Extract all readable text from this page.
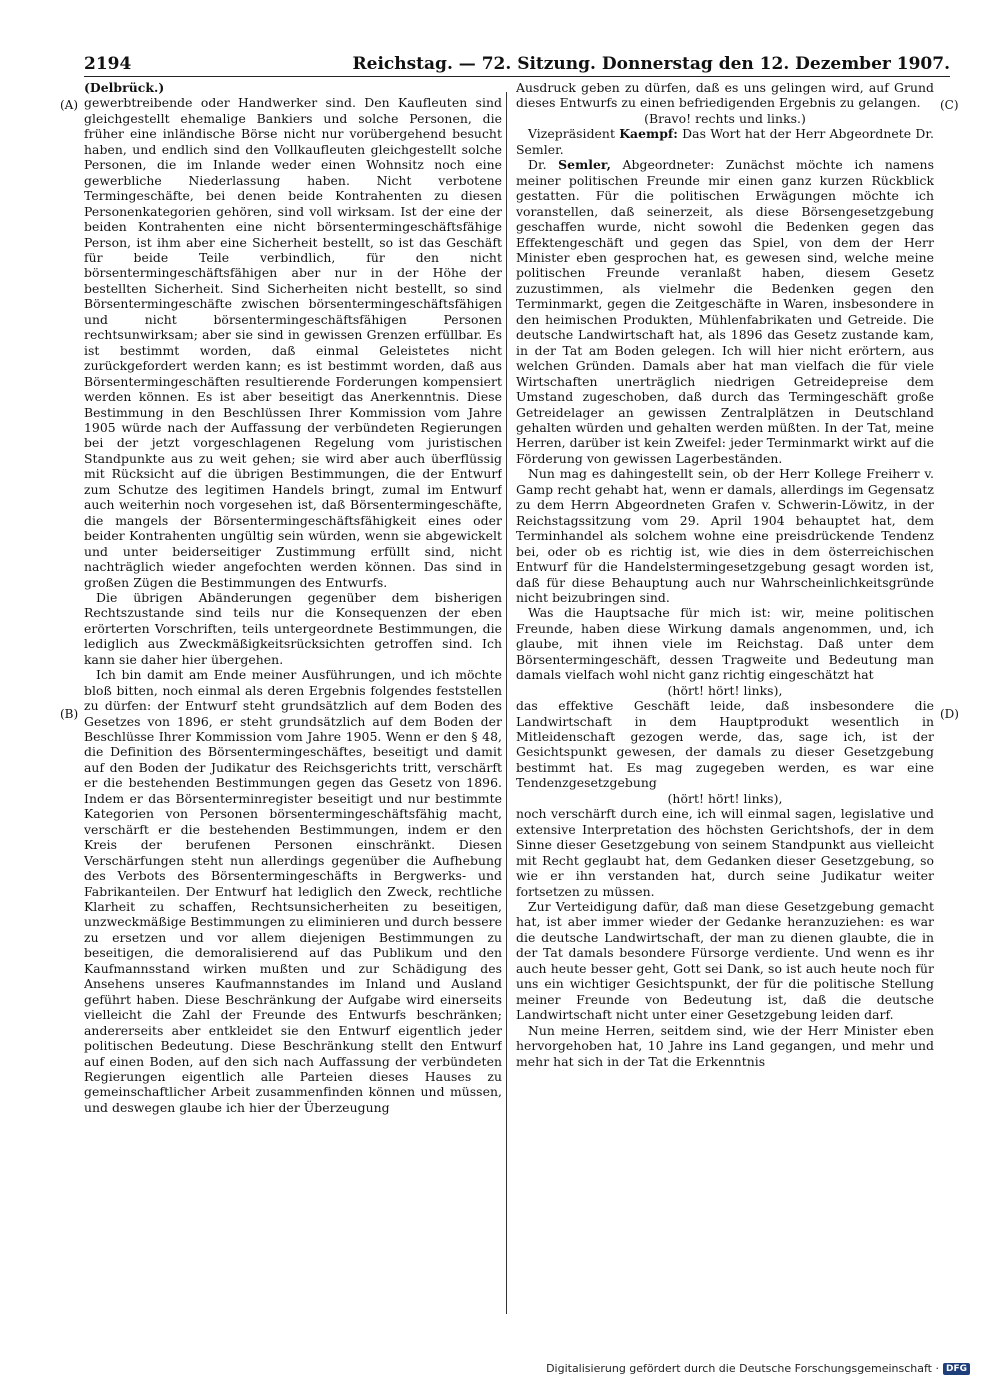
2194	Reichstag. — 72. Sitzung. Donnerstag den 12. Dezember 1907.
(A)
(B)
(C)
(D)

(Delbrück.)

gewerbtreibende oder Handwerker sind. Den Kaufleuten sind gleichgestellt ehemalige Bankiers und solche Personen, die früher eine inländische Börse nicht nur vorübergehend besucht haben, und endlich sind den Vollkaufleuten gleichgestellt solche Personen, die im Inlande weder einen Wohnsitz noch eine gewerbliche Niederlassung haben. Nicht verbotene Termingeschäfte, bei denen beide Kontrahenten zu diesen Personenkategorien gehören, sind voll wirksam. Ist der eine der beiden Kontrahenten eine nicht börsentermingeschäftsfähige Person, ist ihm aber eine Sicherheit bestellt, so ist das Geschäft für beide Teile verbindlich, für den nicht börsentermingeschäftsfähigen aber nur in der Höhe der bestellten Sicherheit. Sind Sicherheiten nicht bestellt, so sind Börsentermingeschäfte zwischen börsentermingeschäftsfähigen und nicht börsentermingeschäftsfähigen Personen rechtsunwirksam; aber sie sind in gewissen Grenzen erfüllbar. Es ist bestimmt worden, daß einmal Geleistetes nicht zurückgefordert werden kann; es ist bestimmt worden, daß aus Börsentermingeschäften resultierende Forderungen kompensiert werden können. Es ist aber beseitigt das Anerkenntnis. Diese Bestimmung in den Beschlüssen Ihrer Kommission vom Jahre 1905 würde nach der Auffassung der verbündeten Regierungen bei der jetzt vorgeschlagenen Regelung vom juristischen Standpunkte aus zu weit gehen; sie wird aber auch überflüssig mit Rücksicht auf die übrigen Bestimmungen, die der Entwurf zum Schutze des legitimen Handels bringt, zumal im Entwurf auch weiterhin noch vorgesehen ist, daß Börsentermingeschäfte, die mangels der Börsentermingeschäftsfähigkeit eines oder beider Kontrahenten ungültig sein würden, wenn sie abgewickelt und unter beiderseitiger Zustimmung erfüllt sind, nicht nachträglich wieder angefochten werden können. Das sind in großen Zügen die Bestimmungen des Entwurfs.

Die übrigen Abänderungen gegenüber dem bisherigen Rechtszustande sind teils nur die Konsequenzen der eben erörterten Vorschriften, teils untergeordnete Bestimmungen, die lediglich aus Zweckmäßigkeitsrücksichten getroffen sind. Ich kann sie daher hier übergehen.

Ich bin damit am Ende meiner Ausführungen, und ich möchte bloß bitten, noch einmal als deren Ergebnis folgendes feststellen zu dürfen: der Entwurf steht grundsätzlich auf dem Boden des Gesetzes von 1896, er steht grundsätzlich auf dem Boden der Beschlüsse Ihrer Kommission vom Jahre 1905. Wenn er den § 48, die Definition des Börsentermingeschäftes, beseitigt und damit auf den Boden der Judikatur des Reichsgerichts tritt, verschärft er die bestehenden Bestimmungen gegen das Gesetz von 1896. Indem er das Börsenterminregister beseitigt und nur bestimmte Kategorien von Personen börsentermingeschäftsfähig macht, verschärft er die bestehenden Bestimmungen, indem er den Kreis der berufenen Personen einschränkt. Diesen Verschärfungen steht nun allerdings gegenüber die Aufhebung des Verbots des Börsentermingeschäfts in Bergwerks- und Fabrikanteilen. Der Entwurf hat lediglich den Zweck, rechtliche Klarheit zu schaffen, Rechtsunsicherheiten zu beseitigen, unzweckmäßige Bestimmungen zu eliminieren und durch bessere zu ersetzen und vor allem diejenigen Bestimmungen zu beseitigen, die demoralisierend auf das Publikum und den Kaufmannsstand wirken mußten und zur Schädigung des Ansehens unseres Kaufmannstandes im Inland und Ausland geführt haben. Diese Beschränkung der Aufgabe wird einerseits vielleicht die Zahl der Freunde des Entwurfs beschränken; andererseits aber entkleidet sie den Entwurf eigentlich jeder politischen Bedeutung. Diese Beschränkung stellt den Entwurf auf einen Boden, auf den sich nach Auffassung der verbündeten Regierungen eigentlich alle Parteien dieses Hauses zu gemeinschaftlicher Arbeit zusammenfinden können und müssen, und deswegen glaube ich hier der Überzeugung

Ausdruck geben zu dürfen, daß es uns gelingen wird, auf Grund dieses Entwurfs zu einen befriedigenden Ergebnis zu gelangen.

(Bravo! rechts und links.)

Vizepräsident Kaempf: Das Wort hat der Herr Abgeordnete Dr. Semler.

Dr. Semler, Abgeordneter: Zunächst möchte ich namens meiner politischen Freunde mir einen ganz kurzen Rückblick gestatten. Für die politischen Erwägungen möchte ich voranstellen, daß seinerzeit, als diese Börsengesetzgebung geschaffen wurde, nicht sowohl die Bedenken gegen das Effektengeschäft und gegen das Spiel, von dem der Herr Minister eben gesprochen hat, es gewesen sind, welche meine politischen Freunde veranlaßt haben, diesem Gesetz zuzustimmen, als vielmehr die Bedenken gegen den Terminmarkt, gegen die Zeitgeschäfte in Waren, insbesondere in den heimischen Produkten, Mühlenfabrikaten und Getreide. Die deutsche Landwirtschaft hat, als 1896 das Gesetz zustande kam, in der Tat am Boden gelegen. Ich will hier nicht erörtern, aus welchen Gründen. Damals aber hat man vielfach die für viele Wirtschaften unerträglich niedrigen Getreidepreise dem Umstand zugeschoben, daß durch das Termingeschäft große Getreidelager an gewissen Zentralplätzen in Deutschland gehalten würden und gehalten werden müßten. In der Tat, meine Herren, darüber ist kein Zweifel: jeder Terminmarkt wirkt auf die Förderung von gewissen Lagerbeständen.

Nun mag es dahingestellt sein, ob der Herr Kollege Freiherr v. Gamp recht gehabt hat, wenn er damals, allerdings im Gegensatz zu dem Herrn Abgeordneten Grafen v. Schwerin-Löwitz, in der Reichstagssitzung vom 29. April 1904 behauptet hat, dem Terminhandel als solchem wohne eine preisdrückende Tendenz bei, oder ob es richtig ist, wie dies in dem österreichischen Entwurf für die Handelstermingesetzgebung gesagt worden ist, daß für diese Behauptung auch nur Wahrscheinlichkeitsgründe nicht beizubringen sind.

Was die Hauptsache für mich ist: wir, meine politischen Freunde, haben diese Wirkung damals angenommen, und, ich glaube, mit ihnen viele im Reichstag. Daß unter dem Börsentermingeschäft, dessen Tragweite und Bedeutung man damals vielfach wohl nicht ganz richtig eingeschätzt hat

(hört! hört! links),

das effektive Geschäft leide, daß insbesondere die Landwirtschaft in dem Hauptprodukt wesentlich in Mitleidenschaft gezogen werde, das, sage ich, ist der Gesichtspunkt gewesen, der damals zu dieser Gesetzgebung bestimmt hat. Es mag zugegeben werden, es war eine Tendenzgesetzgebung

(hört! hört! links),

noch verschärft durch eine, ich will einmal sagen, legislative und extensive Interpretation des höchsten Gerichtshofs, der in dem Sinne dieser Gesetzgebung von seinem Standpunkt aus vielleicht mit Recht geglaubt hat, dem Gedanken dieser Gesetzgebung, so wie er ihn verstanden hat, durch seine Judikatur weiter fortsetzen zu müssen.

Zur Verteidigung dafür, daß man diese Gesetzgebung gemacht hat, ist aber immer wieder der Gedanke heranzuziehen: es war die deutsche Landwirtschaft, der man zu dienen glaubte, die in der Tat damals besondere Fürsorge verdiente. Und wenn es ihr auch heute besser geht, Gott sei Dank, so ist auch heute noch für uns ein wichtiger Gesichtspunkt, der für die politische Stellung meiner Freunde von Bedeutung ist, daß die deutsche Landwirtschaft nicht unter einer Gesetzgebung leiden darf.

Nun meine Herren, seitdem sind, wie der Herr Minister eben hervorgehoben hat, 10 Jahre ins Land gegangen, und mehr und mehr hat sich in der Tat die Erkenntnis

Digitalisierung gefördert durch die Deutsche Forschungsgemeinschaft · DFG
